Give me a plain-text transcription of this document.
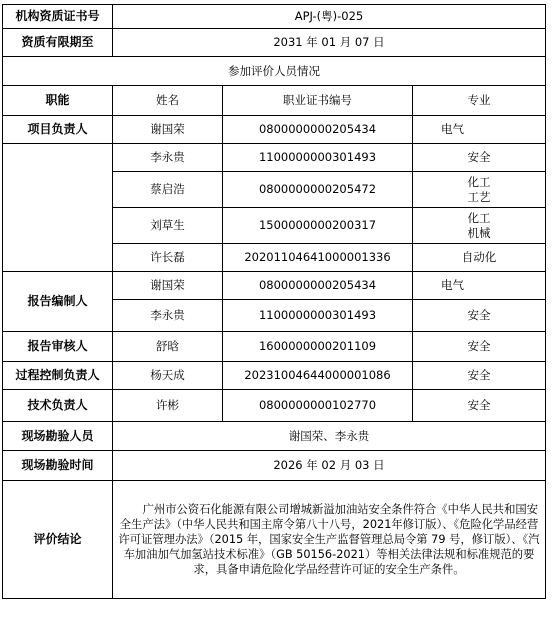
机构资质证书号	APJ-(粤)-025		
资质有限期至	2031 年 01 月 07 日		
参加评价人员情况			
职能	姓名	职业证书编号	专业
项目负责人	谢国荣	0800000000205434	电气
	李永贵	1100000000301493	安全
	蔡启浩	0800000000205472	化工
工艺

	刘草生	1500000000200317	化工
机械

	许长磊	20201104641000001336	自动化
报告编制人	谢国荣	0800000000205434	电气
	李永贵	1100000000301493	安全
报告审核人	舒晗	1600000000201109	安全
过程控制负责人	杨天成	20231004644000001086	安全
技术负责人	许彬	0800000000102770	安全
现场勘验人员	谢国荣、李永贵		
现场勘验时间	2026 年 02 月 03 日		
评价结论	广州市公资石化能源有限公司增城新溢加油站安全条件符合《中华人民共和国安全生产法》（中华人民共和国主席令第八十八号，2021年修订版）、《危险化学品经营许可证管理办法》（2015 年，国家安全生产监督管理总局令第 79 号，修订版）、《汽车加油加气加氢站技术标准》（GB 50156-2021）等相关法律法规和标准规范的要求，具备申请危险化学品经营许可证的安全生产条件。		
